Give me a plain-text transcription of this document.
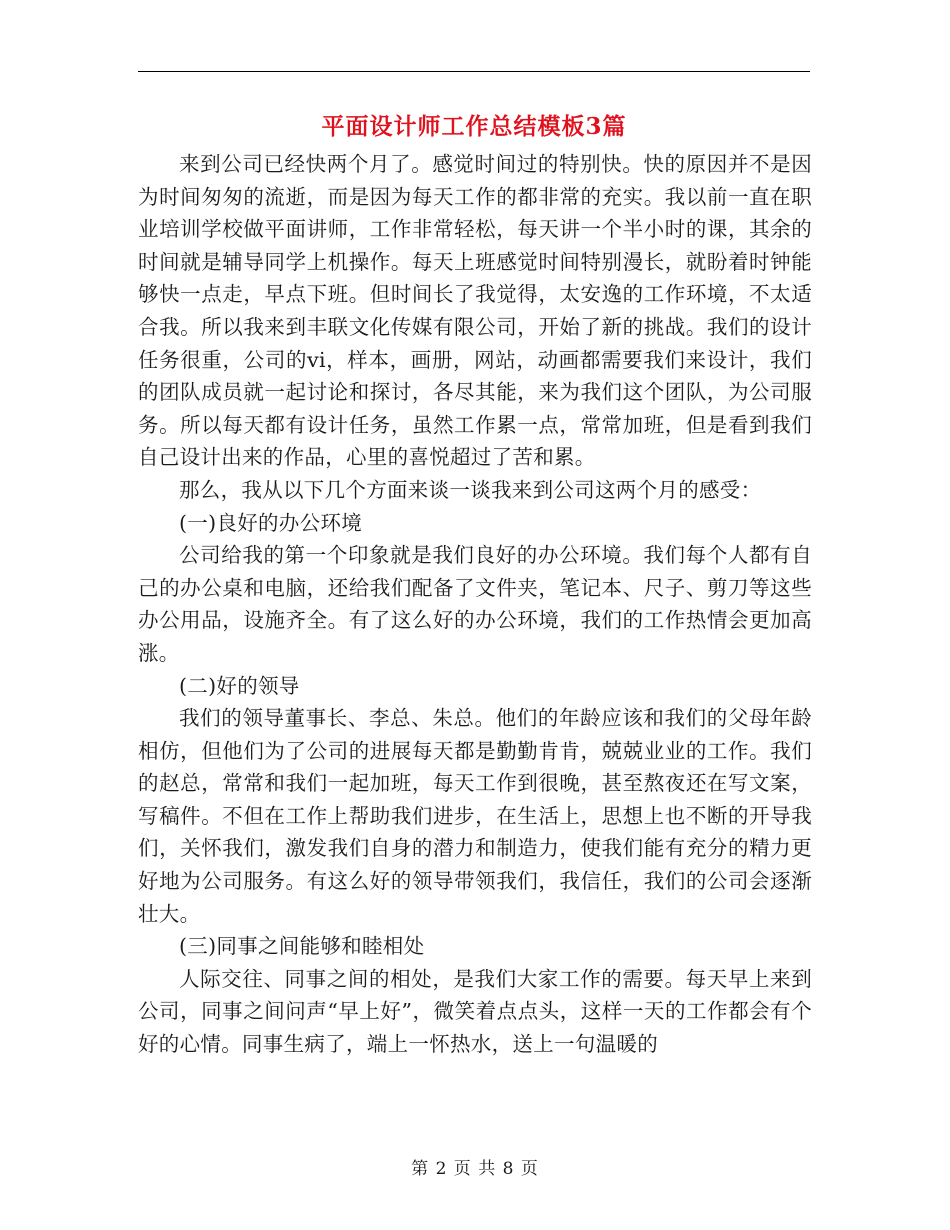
平面设计师工作总结模板3篇

来到公司已经快两个月了。感觉时间过的特别快。快的原因并不是因为时间匆匆的流逝，而是因为每天工作的都非常的充实。我以前一直在职业培训学校做平面讲师，工作非常轻松，每天讲一个半小时的课，其余的时间就是辅导同学上机操作。每天上班感觉时间特别漫长，就盼着时钟能够快一点走，早点下班。但时间长了我觉得，太安逸的工作环境，不太适合我。所以我来到丰联文化传媒有限公司，开始了新的挑战。我们的设计任务很重，公司的vi，样本，画册，网站，动画都需要我们来设计，我们的团队成员就一起讨论和探讨，各尽其能，来为我们这个团队，为公司服务。所以每天都有设计任务，虽然工作累一点，常常加班，但是看到我们自己设计出来的作品，心里的喜悦超过了苦和累。

那么，我从以下几个方面来谈一谈我来到公司这两个月的感受：

(一)良好的办公环境

公司给我的第一个印象就是我们良好的办公环境。我们每个人都有自己的办公桌和电脑，还给我们配备了文件夹，笔记本、尺子、剪刀等这些办公用品，设施齐全。有了这么好的办公环境，我们的工作热情会更加高涨。

(二)好的领导

我们的领导董事长、李总、朱总。他们的年龄应该和我们的父母年龄相仿，但他们为了公司的进展每天都是勤勤肯肯，兢兢业业的工作。我们的赵总，常常和我们一起加班，每天工作到很晚，甚至熬夜还在写文案，写稿件。不但在工作上帮助我们进步，在生活上，思想上也不断的开导我们，关怀我们，激发我们自身的潜力和制造力，使我们能有充分的精力更好地为公司服务。有这么好的领导带领我们，我信任，我们的公司会逐渐壮大。

(三)同事之间能够和睦相处

人际交往、同事之间的相处，是我们大家工作的需要。每天早上来到公司，同事之间问声“早上好”，微笑着点点头，这样一天的工作都会有个好的心情。同事生病了，端上一怀热水，送上一句温暖的

第 2 页 共 8 页
